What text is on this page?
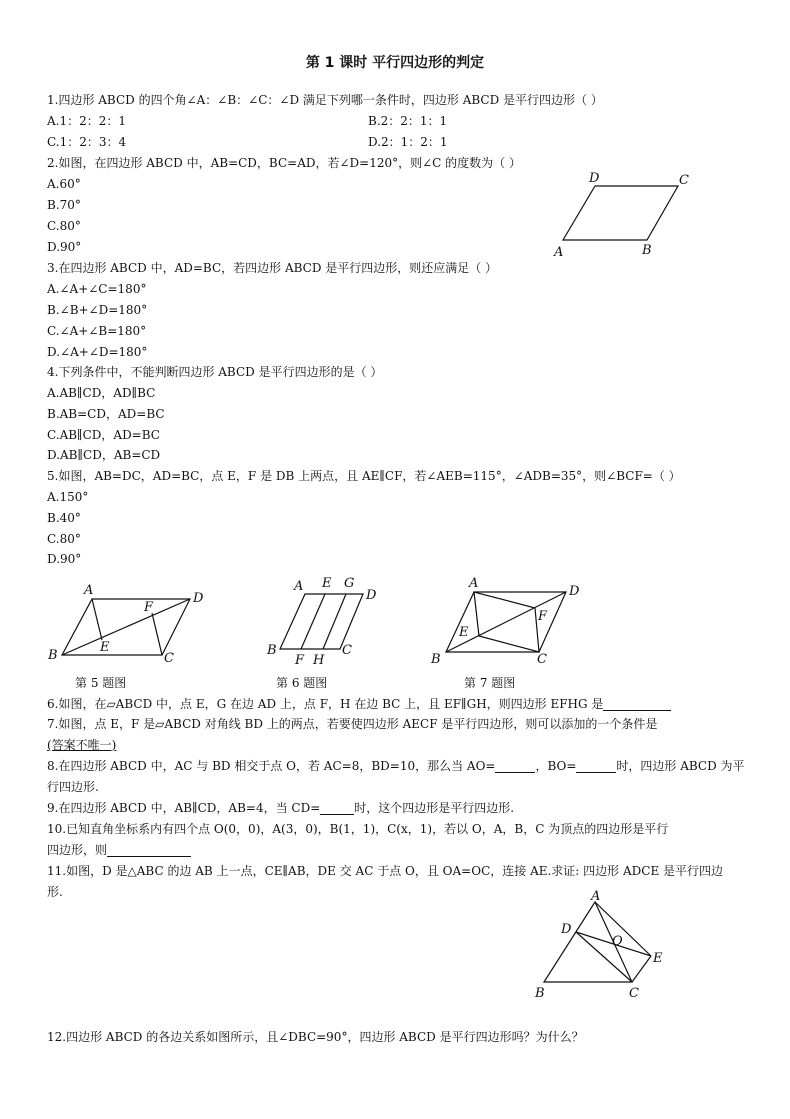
第 1 课时 平行四边形的判定
1.四边形 ABCD 的四个角∠A：∠B：∠C：∠D 满足下列哪一条件时，四边形 ABCD 是平行四边形（ ）
A.1：2：2：1	B.2：2：1：1
C.1：2：3：4	D.2：1：2：1
2.如图，在四边形 ABCD 中，AB=CD，BC=AD，若∠D=120°，则∠C 的度数为（ ）
A.60°
B.70°
C.80°
D.90°
D	C
A	B
3.在四边形 ABCD 中，AD=BC，若四边形 ABCD 是平行四边形，则还应满足（ ）
A.∠A+∠C=180°
B.∠B+∠D=180°
C.∠A+∠B=180°
D.∠A+∠D=180°
4.下列条件中，不能判断四边形 ABCD 是平行四边形的是（ ）
A.AB∥CD，AD∥BC
B.AB=CD，AD=BC
C.AB∥CD，AD=BC
D.AB∥CD，AB=CD
5.如图，AB=DC，AD=BC，点 E，F 是 DB 上两点，且 AE∥CF，若∠AEB=115°，∠ADB=35°，则∠BCF=（ ）
A.150°
B.40°
C.80°
D.90°
A
D
F
E
B	C
第 5 题图
A E G
D
B
F H
C
第 6 题图
A
D
F
E
B	C
第 7 题图
6.如图，在▱ABCD 中，点 E，G 在边 AD 上，点 F，H 在边 BC 上，且 EF∥GH，则四边形 EFHG 是
7.如图，点 E，F 是▱ABCD 对角线 BD 上的两点，若要使四边形 AECF 是平行四边形，则可以添加的一个条件是
(答案不唯一)
8.在四边形 ABCD 中，AC 与 BD 相交于点 O，若 AC=8，BD=10，那么当 AO=	，BO=	时，四边形 ABCD 为平
行四边形.
9.在四边形 ABCD 中，AB∥CD，AB=4，当 CD=	时，这个四边形是平行四边形.
10.已知直角坐标系内有四个点 O(0，0)，A(3，0)，B(1，1)，C(x，1)，若以 O，A，B，C 为顶点的四边形是平行
四边形，则
11.如图，D 是△ABC 的边 AB 上一点，CE∥AB，DE 交 AC 于点 O，且 OA=OC，连接 AE.求证: 四边形 ADCE 是平行四边
形.	A
D
O
E
B	C
12.四边形 ABCD 的各边关系如图所示，且∠DBC=90°，四边形 ABCD 是平行四边形吗？为什么？
